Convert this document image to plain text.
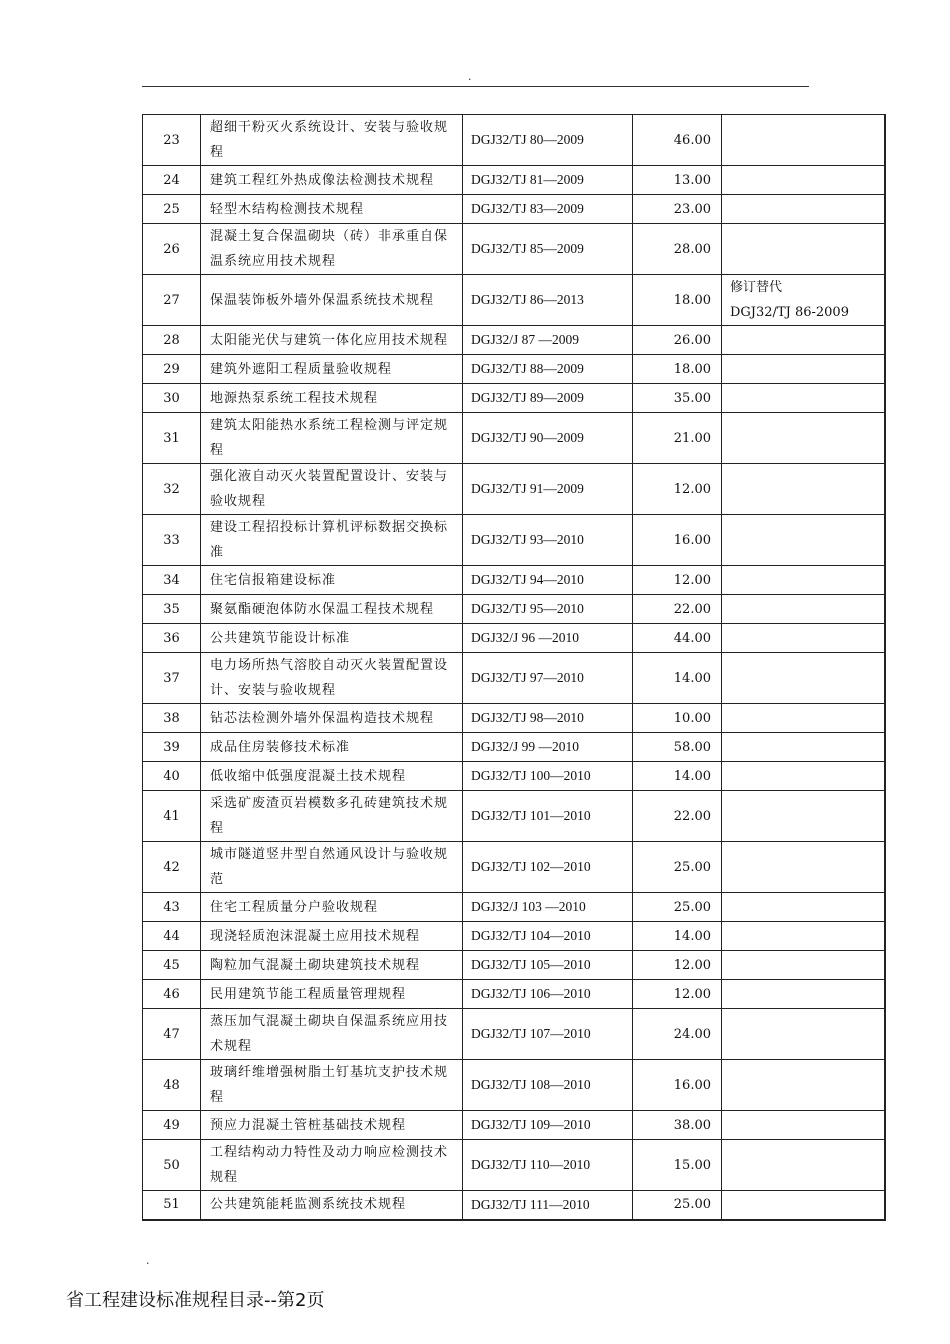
.
23	超细干粉灭火系统设计、安装与验收规程	DGJ32/TJ 80—2009	46.00	
24	建筑工程红外热成像法检测技术规程	DGJ32/TJ 81—2009	13.00	
25	轻型木结构检测技术规程	DGJ32/TJ 83—2009	23.00	
26	混凝土复合保温砌块（砖）非承重自保温系统应用技术规程	DGJ32/TJ 85—2009	28.00	
27	保温装饰板外墙外保温系统技术规程	DGJ32/TJ 86—2013	18.00	修订替代
DGJ32/TJ 86-2009

28	太阳能光伏与建筑一体化应用技术规程	DGJ32/J 87 —2009	26.00	
29	建筑外遮阳工程质量验收规程	DGJ32/TJ 88—2009	18.00	
30	地源热泵系统工程技术规程	DGJ32/TJ 89—2009	35.00	
31	建筑太阳能热水系统工程检测与评定规程	DGJ32/TJ 90—2009	21.00	
32	强化液自动灭火装置配置设计、安装与验收规程	DGJ32/TJ 91—2009	12.00	
33	建设工程招投标计算机评标数据交换标准	DGJ32/TJ 93—2010	16.00	
34	住宅信报箱建设标准	DGJ32/TJ 94—2010	12.00	
35	聚氨酯硬泡体防水保温工程技术规程	DGJ32/TJ 95—2010	22.00	
36	公共建筑节能设计标准	DGJ32/J 96 —2010	44.00	
37	电力场所热气溶胶自动灭火装置配置设计、安装与验收规程	DGJ32/TJ 97—2010	14.00	
38	钻芯法检测外墙外保温构造技术规程	DGJ32/TJ 98—2010	10.00	
39	成品住房装修技术标准	DGJ32/J 99 —2010	58.00	
40	低收缩中低强度混凝土技术规程	DGJ32/TJ 100—2010	14.00	
41	采选矿废渣页岩模数多孔砖建筑技术规程	DGJ32/TJ 101—2010	22.00	
42	城市隧道竖井型自然通风设计与验收规范	DGJ32/TJ 102—2010	25.00	
43	住宅工程质量分户验收规程	DGJ32/J 103 —2010	25.00	
44	现浇轻质泡沫混凝土应用技术规程	DGJ32/TJ 104—2010	14.00	
45	陶粒加气混凝土砌块建筑技术规程	DGJ32/TJ 105—2010	12.00	
46	民用建筑节能工程质量管理规程	DGJ32/TJ 106—2010	12.00	
47	蒸压加气混凝土砌块自保温系统应用技术规程	DGJ32/TJ 107—2010	24.00	
48	玻璃纤维增强树脂土钉基坑支护技术规程	DGJ32/TJ 108—2010	16.00	
49	预应力混凝土管桩基础技术规程	DGJ32/TJ 109—2010	38.00	
50	工程结构动力特性及动力响应检测技术规程	DGJ32/TJ 110—2010	15.00	
51	公共建筑能耗监测系统技术规程	DGJ32/TJ 111—2010	25.00	
.
省工程建设标准规程目录--第2页
